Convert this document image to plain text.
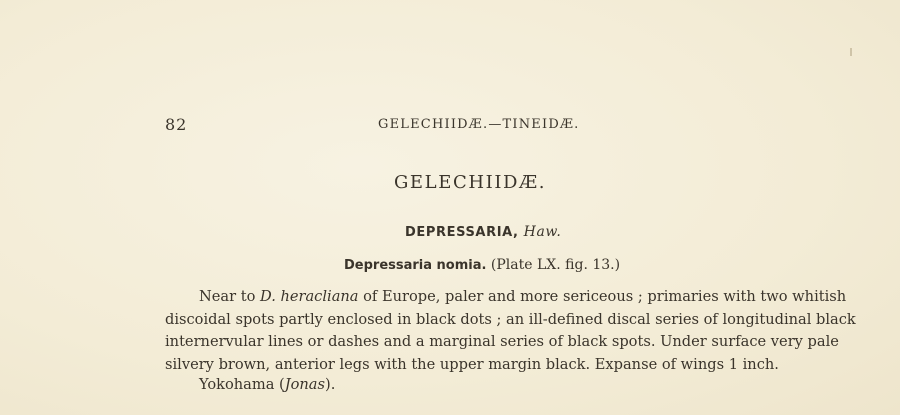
82	GELECHIIDÆ.—TINEIDÆ.
GELECHIIDÆ.
DEPRESSARIA, Haw.
Depressaria nomia. (Plate LX. fig. 13.)
Near to D. heracliana of Europe, paler and more sericeous ; primaries with two whitish
discoidal spots partly enclosed in black dots ; an ill-defined discal series of longitudinal black
internervular lines or dashes and a marginal series of black spots. Under surface very pale
silvery brown, anterior legs with the upper margin black. Expanse of wings 1 inch.
Yokohama (Jonas).
